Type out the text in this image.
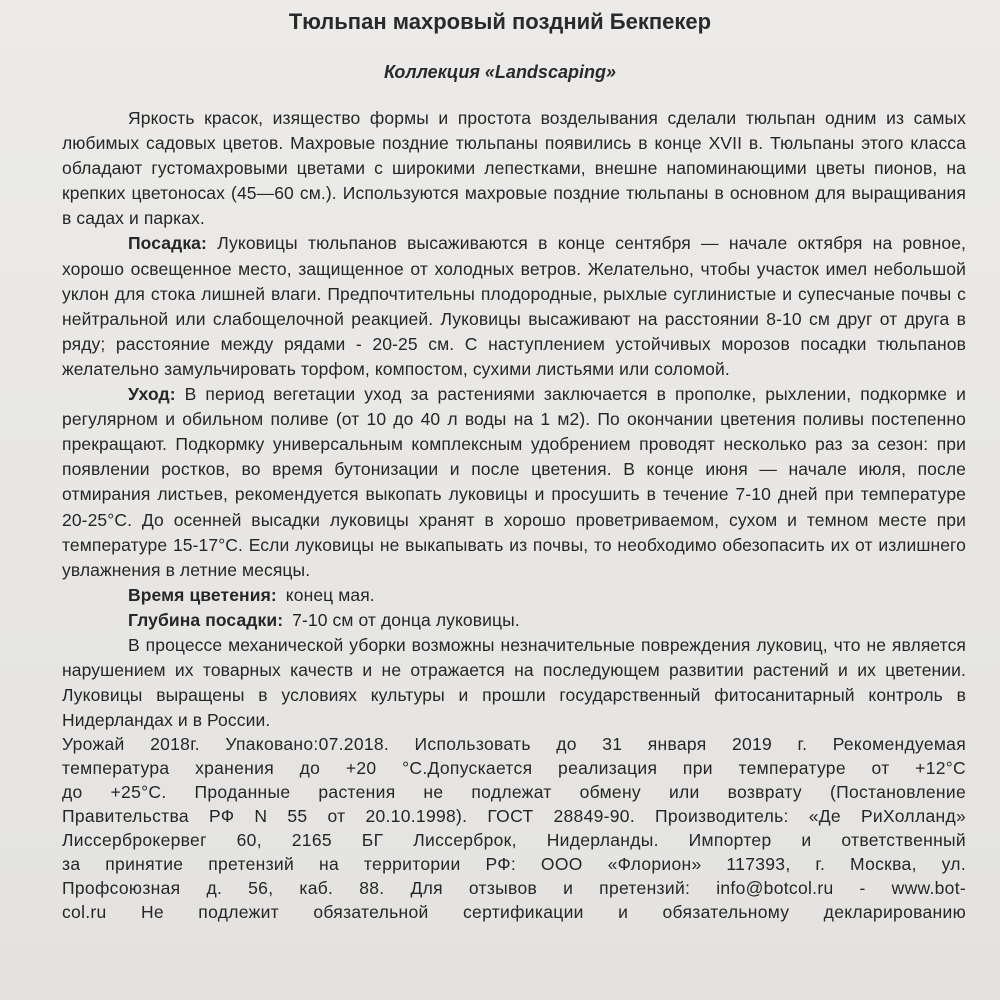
Тюльпан махровый поздний Бекпекер
Коллекция «Landscaping»

Яркость красок, изящество формы и простота возделывания сделали тюльпан одним из самых любимых садовых цветов. Махровые поздние тюльпаны появились в конце XVII в. Тюльпаны этого класса обладают густомахровыми цветами с широкими лепестками, внешне напоминающими цветы пионов, на крепких цветоносах (45—60 см.). Используются махровые поздние тюльпаны в основном для выращивания в садах и парках.

Посадка: Луковицы тюльпанов высаживаются в конце сентября — начале октября на ровное, хорошо освещенное место, защищенное от холодных ветров. Желательно, чтобы участок имел небольшой уклон для стока лишней влаги. Предпочтительны плодородные, рыхлые суглинистые и супесчаные почвы с нейтральной или слабощелочной реакцией. Луковицы высаживают на расстоянии 8-10 см друг от друга в ряду; расстояние между рядами - 20-25 см. С наступлением устойчивых морозов посадки тюльпанов желательно замульчировать торфом, компостом, сухими листьями или соломой.

Уход: В период вегетации уход за растениями заключается в прополке, рыхлении, подкормке и регулярном и обильном поливе (от 10 до 40 л воды на 1 м2). По окончании цветения поливы постепенно прекращают. Подкормку универсальным комплексным удобрением проводят несколько раз за сезон: при появлении ростков, во время бутонизации и после цветения. В конце июня — начале июля, после отмирания листьев, рекомендуется выкопать луковицы и просушить в течение 7-10 дней при температуре 20-25°С. До осенней высадки луковицы хранят в хорошо проветриваемом, сухом и темном месте при температуре 15-17°С. Если луковицы не выкапывать из почвы, то необходимо обезопасить их от излишнего увлажнения в летние месяцы.

Время цветения: конец мая.

Глубина посадки: 7-10 см от донца луковицы.

В процессе механической уборки возможны незначительные повреждения луковиц, что не является нарушением их товарных качеств и не отражается на последующем развитии растений и их цветении. Луковицы выращены в условиях культуры и прошли государственный фитосанитарный контроль в Нидерландах и в России.

Урожай 2018г. Упаковано:07.2018. Использовать до 31 января 2019 г. Рекомендуемая

температура хранения до +20 °С.Допускается реализация при температуре от +12°С

до +25°С. Проданные растения не подлежат обмену или возврату (Постановление

Правительства РФ N 55 от 20.10.1998). ГОСТ 28849-90. Производитель: «Де РиХолланд»

Лиссерброкервег 60, 2165 БГ Лиссерброк, Нидерланды. Импортер и ответственный

за принятие претензий на территории РФ: ООО «Флорион» 117393, г. Москва, ул.

Профсоюзная д. 56, каб. 88. Для отзывов и претензий: info@botcol.ru - www.bot-

col.ru Не подлежит обязательной сертификации и обязательному декларированию
